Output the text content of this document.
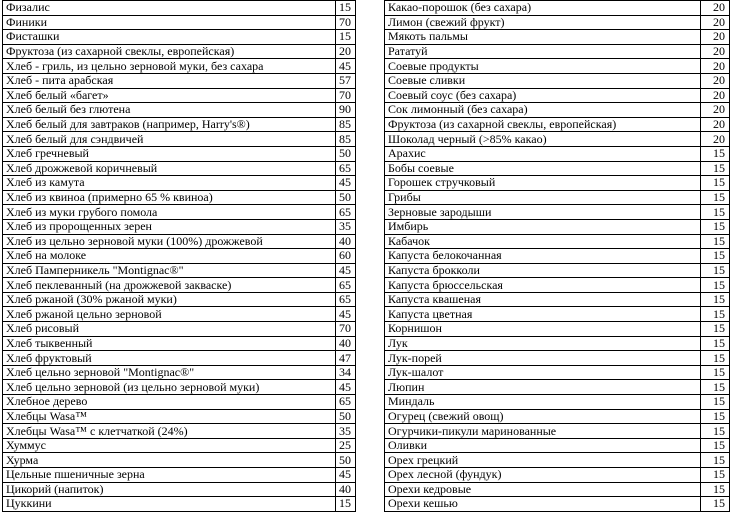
Физалис	15
Финики	70
Фисташки	15
Фруктоза (из сахарной свеклы, европейская)	20
Хлеб - гриль, из цельно зерновой муки, без сахара	45
Хлеб - пита арабская	57
Хлеб белый «багет»	70
Хлеб белый без глютена	90
Хлеб белый для завтраков (например, Harry's®)	85
Хлеб белый для сэндвичей	85
Хлеб гречневый	50
Хлеб дрожжевой коричневый	65
Хлеб из камута	45
Хлеб из квиноа (примерно 65 % квиноа)	50
Хлеб из муки грубого помола	65
Хлеб из пророщенных зерен	35
Хлеб из цельно зерновой муки (100%) дрожжевой	40
Хлеб на молоке	60
Хлеб Памперникель "Montignac®"	45
Хлеб пеклеванный (на дрожжевой закваске)	65
Хлеб ржаной (30% ржаной муки)	65
Хлеб ржаной цельно зерновой	45
Хлеб рисовый	70
Хлеб тыквенный	40
Хлеб фруктовый	47
Хлеб цельно зерновой "Montignac®"	34
Хлеб цельно зерновой (из цельно зерновой муки)	45
Хлебное дерево	65
Хлебцы Wasa™	50
Хлебцы Wasa™ с клетчаткой (24%)	35
Хуммус	25
Хурма	50
Цельные пшеничные зерна	45
Цикорий (напиток)	40
Цуккини	15
Какао-порошок (без сахара)	20
Лимон (свежий фрукт)	20
Мякоть пальмы	20
Рататуй	20
Соевые продукты	20
Соевые сливки	20
Соевый соус (без сахара)	20
Сок лимонный (без сахара)	20
Фруктоза (из сахарной свеклы, европейская)	20
Шоколад черный (>85% какао)	20
Арахис	15
Бобы соевые	15
Горошек стручковый	15
Грибы	15
Зерновые зародыши	15
Имбирь	15
Кабачок	15
Капуста белокочанная	15
Капуста брокколи	15
Капуста брюссельская	15
Капуста квашеная	15
Капуста цветная	15
Корнишон	15
Лук	15
Лук-порей	15
Лук-шалот	15
Люпин	15
Миндаль	15
Огурец (свежий овощ)	15
Огурчики-пикули маринованные	15
Оливки	15
Орех грецкий	15
Орех лесной (фундук)	15
Орехи кедровые	15
Орехи кешью	15
